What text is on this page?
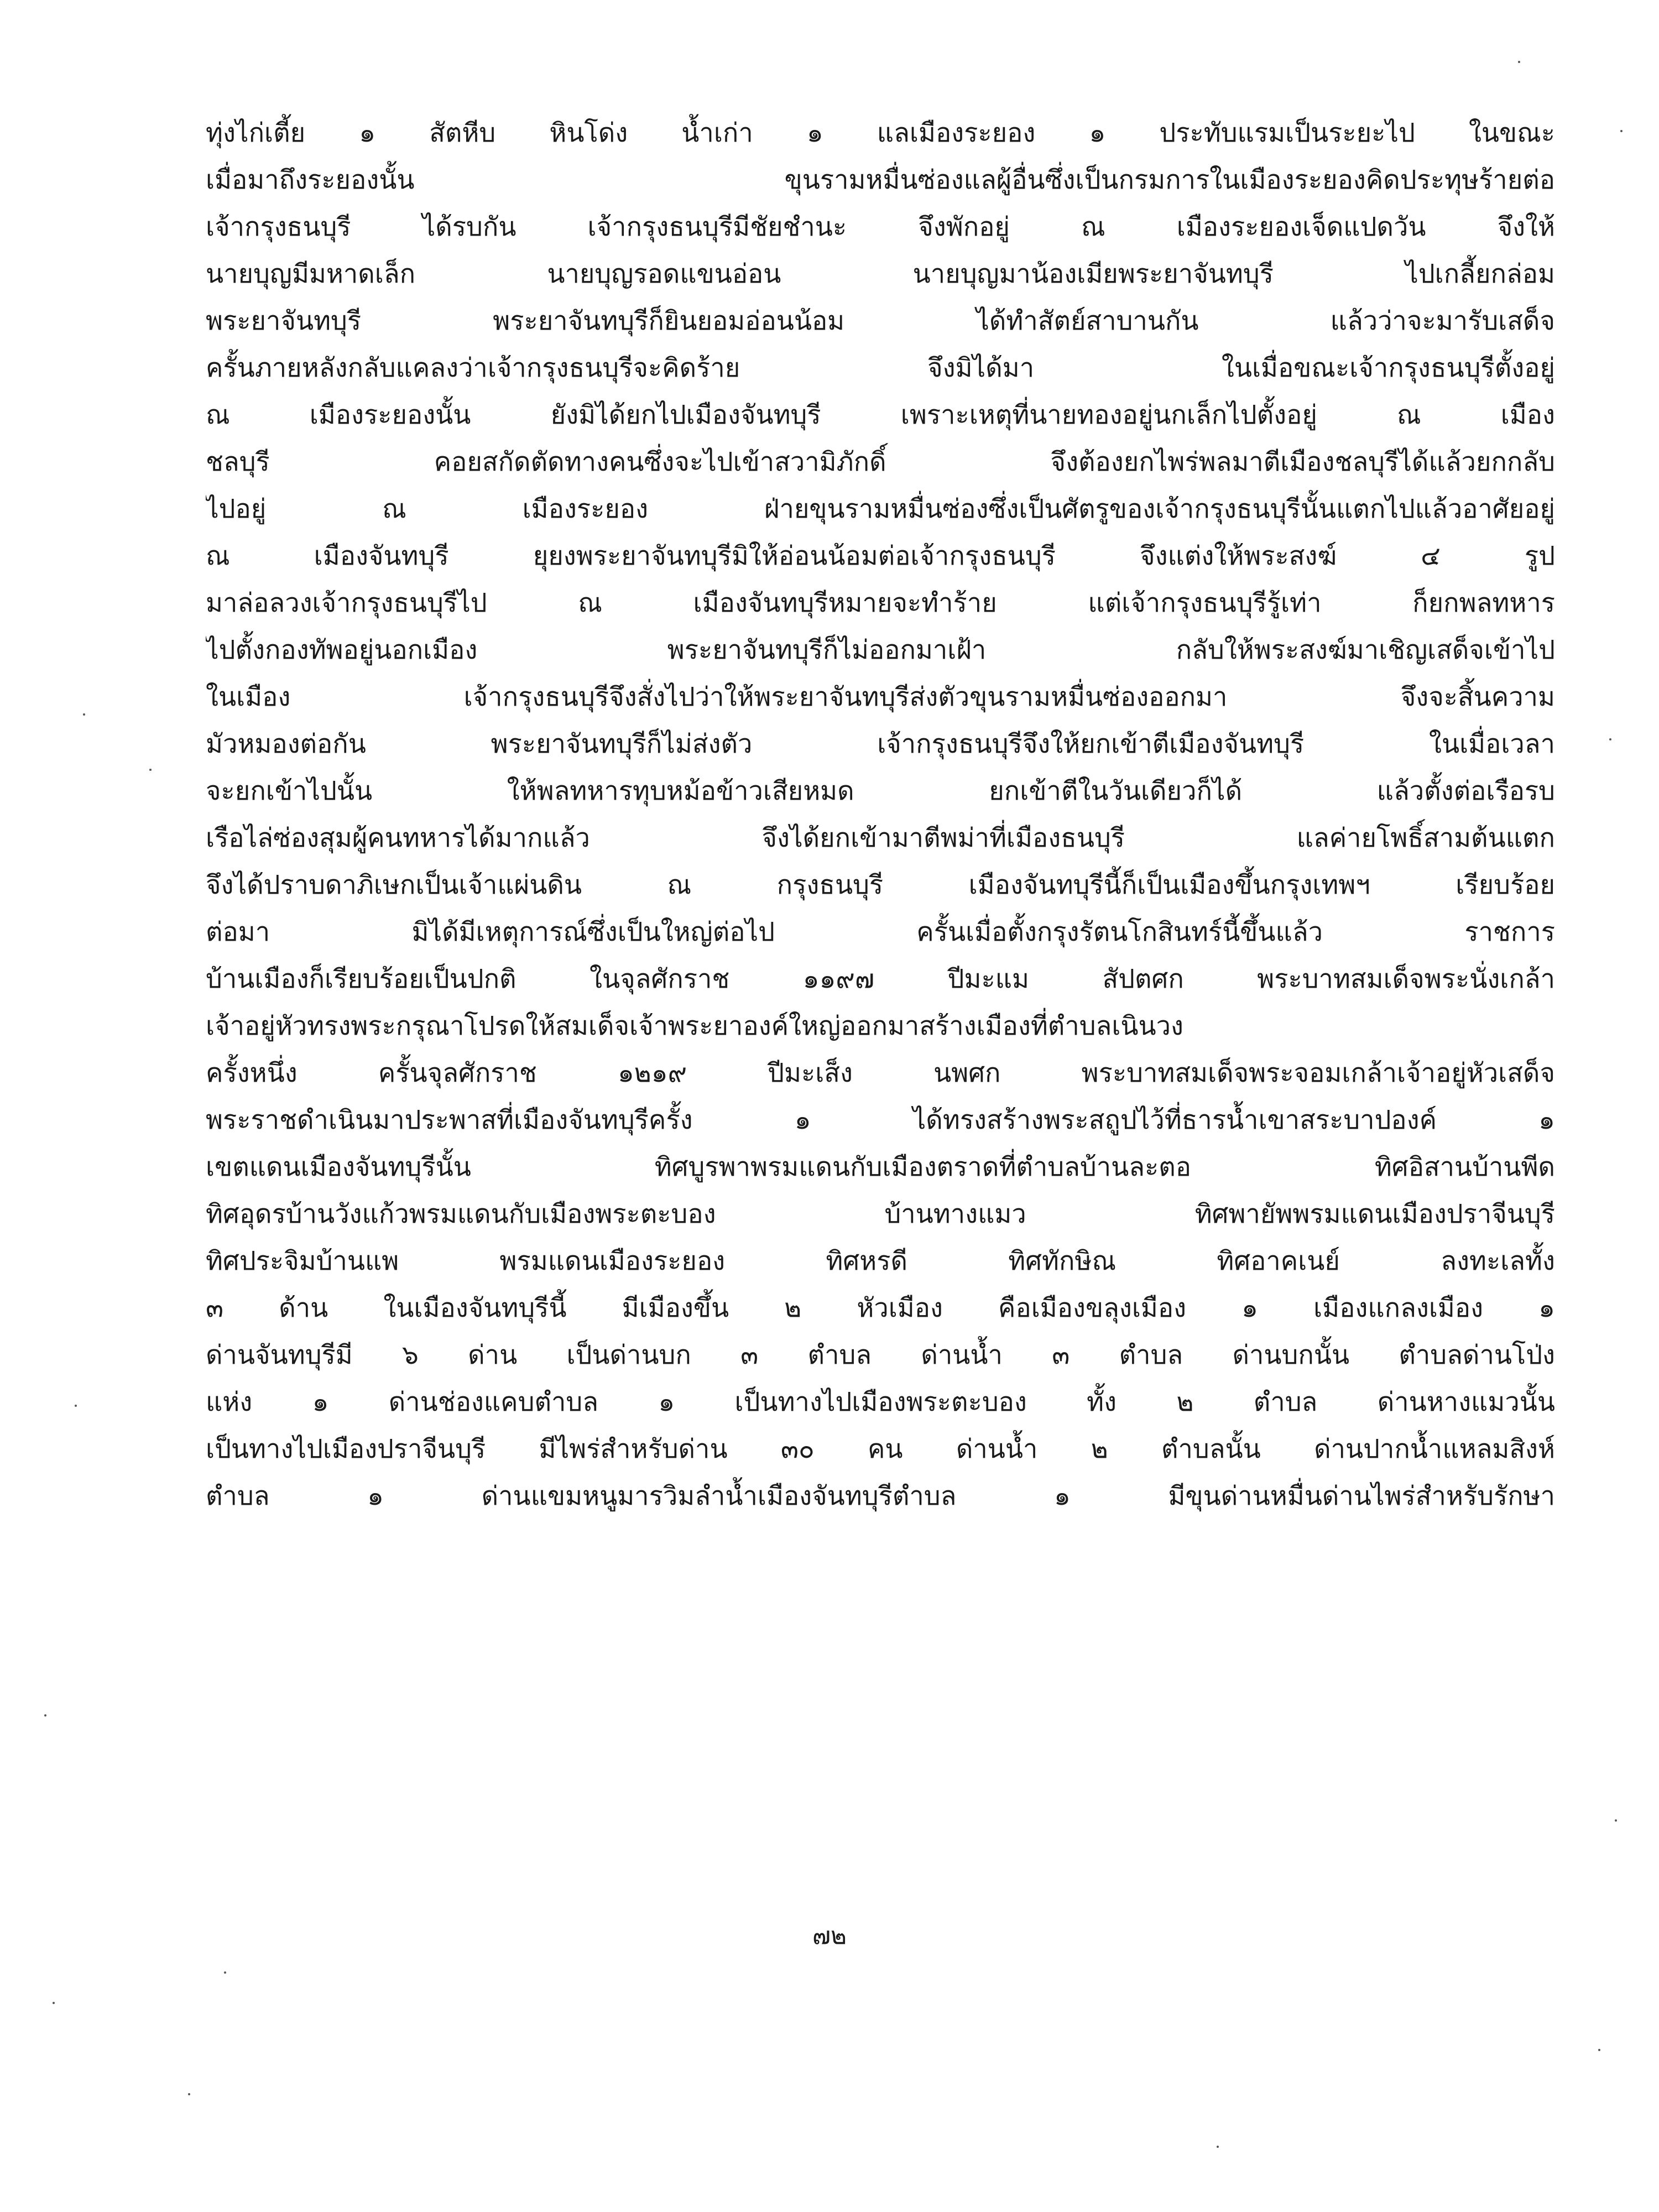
ทุ่งไก่เตี้ย ๑ สัตหีบ หินโด่ง น้ำเก่า ๑ แลเมืองระยอง ๑ ประทับแรมเป็นระยะไป ในขณะ
เมื่อมาถึงระยองนั้น ขุนรามหมื่นซ่องแลผู้อื่นซึ่งเป็นกรมการในเมืองระยองคิดประทุษร้ายต่อ
เจ้ากรุงธนบุรี ได้รบกัน เจ้ากรุงธนบุรีมีชัยชำนะ จึงพักอยู่ ณ เมืองระยองเจ็ดแปดวัน จึงให้
นายบุญมีมหาดเล็ก นายบุญรอดแขนอ่อน นายบุญมาน้องเมียพระยาจันทบุรี ไปเกลี้ยกล่อม
พระยาจันทบุรี พระยาจันทบุรีก็ยินยอมอ่อนน้อม ได้ทำสัตย์สาบานกัน แล้วว่าจะมารับเสด็จ
ครั้นภายหลังกลับแคลงว่าเจ้ากรุงธนบุรีจะคิดร้าย จึงมิได้มา ในเมื่อขณะเจ้ากรุงธนบุรีตั้งอยู่
ณ เมืองระยองนั้น ยังมิได้ยกไปเมืองจันทบุรี เพราะเหตุที่นายทองอยู่นกเล็กไปตั้งอยู่ ณ เมือง
ชลบุรี คอยสกัดตัดทางคนซึ่งจะไปเข้าสวามิภักดิ์ จึงต้องยกไพร่พลมาตีเมืองชลบุรีได้แล้วยกกลับ
ไปอยู่ ณ เมืองระยอง ฝ่ายขุนรามหมื่นซ่องซึ่งเป็นศัตรูของเจ้ากรุงธนบุรีนั้นแตกไปแล้วอาศัยอยู่
ณ เมืองจันทบุรี ยุยงพระยาจันทบุรีมิให้อ่อนน้อมต่อเจ้ากรุงธนบุรี จึงแต่งให้พระสงฆ์ ๔ รูป
มาล่อลวงเจ้ากรุงธนบุรีไป ณ เมืองจันทบุรีหมายจะทำร้าย แต่เจ้ากรุงธนบุรีรู้เท่า ก็ยกพลทหาร
ไปตั้งกองทัพอยู่นอกเมือง พระยาจันทบุรีก็ไม่ออกมาเฝ้า กลับให้พระสงฆ์มาเชิญเสด็จเข้าไป
ในเมือง เจ้ากรุงธนบุรีจึงสั่งไปว่าให้พระยาจันทบุรีส่งตัวขุนรามหมื่นซ่องออกมา จึงจะสิ้นความ
มัวหมองต่อกัน พระยาจันทบุรีก็ไม่ส่งตัว เจ้ากรุงธนบุรีจึงให้ยกเข้าตีเมืองจันทบุรี ในเมื่อเวลา
จะยกเข้าไปนั้น ให้พลทหารทุบหม้อข้าวเสียหมด ยกเข้าตีในวันเดียวก็ได้ แล้วตั้งต่อเรือรบ
เรือไล่ซ่องสุมผู้คนทหารได้มากแล้ว จึงได้ยกเข้ามาตีพม่าที่เมืองธนบุรี แลค่ายโพธิ์สามต้นแตก
จึงได้ปราบดาภิเษกเป็นเจ้าแผ่นดิน ณ กรุงธนบุรี เมืองจันทบุรีนี้ก็เป็นเมืองขึ้นกรุงเทพฯ เรียบร้อย
ต่อมา มิได้มีเหตุการณ์ซึ่งเป็นใหญ่ต่อไป ครั้นเมื่อตั้งกรุงรัตนโกสินทร์นี้ขึ้นแล้ว ราชการ
บ้านเมืองก็เรียบร้อยเป็นปกติ ในจุลศักราช ๑๑๙๗ ปีมะแม สัปตศก พระบาทสมเด็จพระนั่งเกล้า
เจ้าอยู่หัวทรงพระกรุณาโปรดให้สมเด็จเจ้าพระยาองค์ใหญ่ออกมาสร้างเมืองที่ตำบลเนินวง
ครั้งหนึ่ง ครั้นจุลศักราช ๑๒๑๙ ปีมะเส็ง นพศก พระบาทสมเด็จพระจอมเกล้าเจ้าอยู่หัวเสด็จ
พระราชดำเนินมาประพาสที่เมืองจันทบุรีครั้ง ๑ ได้ทรงสร้างพระสถูปไว้ที่ธารน้ำเขาสระบาปองค์ ๑
เขตแดนเมืองจันทบุรีนั้น ทิศบูรพาพรมแดนกับเมืองตราดที่ตำบลบ้านละตอ ทิศอิสานบ้านพีด
ทิศอุดรบ้านวังแก้วพรมแดนกับเมืองพระตะบอง บ้านทางแมว ทิศพายัพพรมแดนเมืองปราจีนบุรี
ทิศประจิมบ้านแพ พรมแดนเมืองระยอง ทิศหรดี ทิศทักษิณ ทิศอาคเนย์ ลงทะเลทั้ง
๓ ด้าน ในเมืองจันทบุรีนี้ มีเมืองขึ้น ๒ หัวเมือง คือเมืองขลุงเมือง ๑ เมืองแกลงเมือง ๑
ด่านจันทบุรีมี ๖ ด่าน เป็นด่านบก ๓ ตำบล ด่านน้ำ ๓ ตำบล ด่านบกนั้น ตำบลด่านโป่ง
แห่ง ๑ ด่านช่องแคบตำบล ๑ เป็นทางไปเมืองพระตะบอง ทั้ง ๒ ตำบล ด่านหางแมวนั้น
เป็นทางไปเมืองปราจีนบุรี มีไพร่สำหรับด่าน ๓๐ คน ด่านน้ำ ๒ ตำบลนั้น ด่านปากน้ำแหลมสิงห์
ตำบล ๑ ด่านแขมหนูมารวิมลำน้ำเมืองจันทบุรีตำบล ๑ มีขุนด่านหมื่นด่านไพร่สำหรับรักษา
๗๒
